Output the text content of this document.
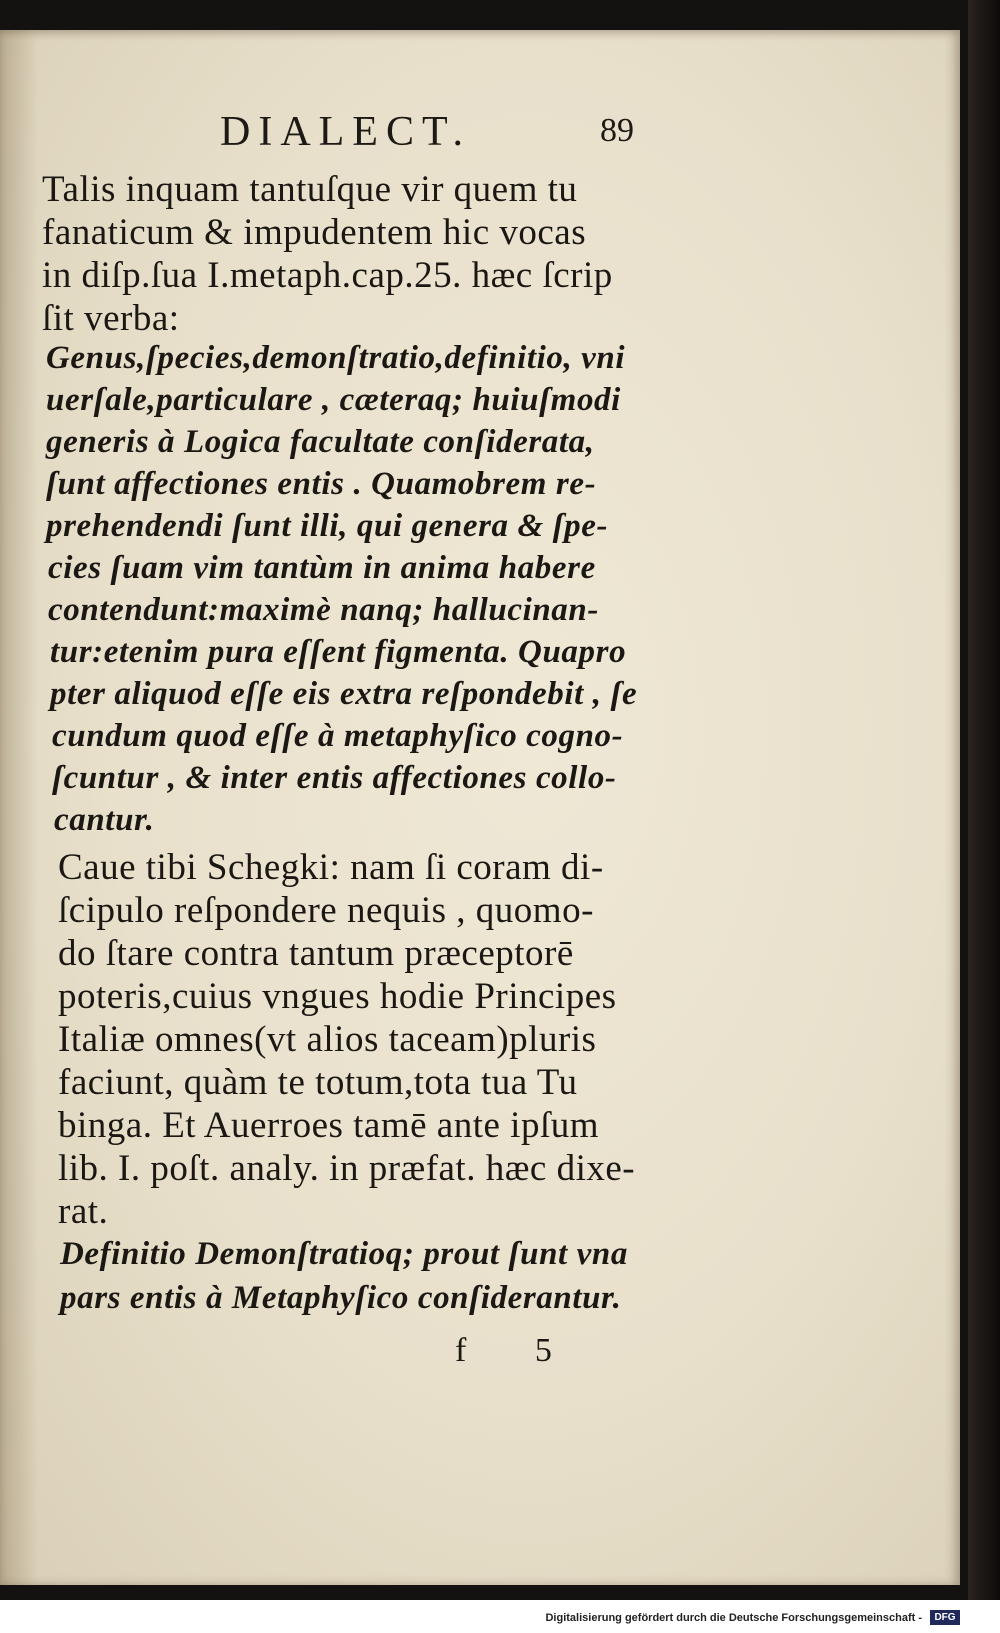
DIALECT.	89
Talis inquam tantuſque vir quem tu
fanaticum & impudentem hic vocas
in diſp.ſua I.metaph.cap.25. hæc ſcrip
ſit verba:
Genus,ſpecies,demonſtratio,definitio, vni
uerſale,particulare , cæteraq; huiuſmodi
generis à Logica facultate conſiderata,
ſunt affectiones entis . Quamobrem re-
prehendendi ſunt illi, qui genera & ſpe-
cies ſuam vim tantùm in anima habere
contendunt:maximè nanq; hallucinan-
tur:etenim pura eſſent figmenta. Quapro
pter aliquod eſſe eis extra reſpondebit , ſe
cundum quod eſſe à metaphyſico cogno-
ſcuntur , & inter entis affectiones collo-
cantur.
Caue tibi Schegki: nam ſi coram di-
ſcipulo reſpondere nequis , quomo-
do ſtare contra tantum præceptorē
poteris,cuius vngues hodie Principes
Italiæ omnes(vt alios taceam)pluris
faciunt, quàm te totum,tota tua Tu
binga. Et Auerroes tamē ante ipſum
lib. I. poſt. analy. in præfat. hæc dixe-
rat.
Definitio Demonſtratioq; prout ſunt vna
pars entis à Metaphyſico conſiderantur.
f 5
Digitalisierung gefördert durch die Deutsche Forschungsgemeinschaft -	DFG
